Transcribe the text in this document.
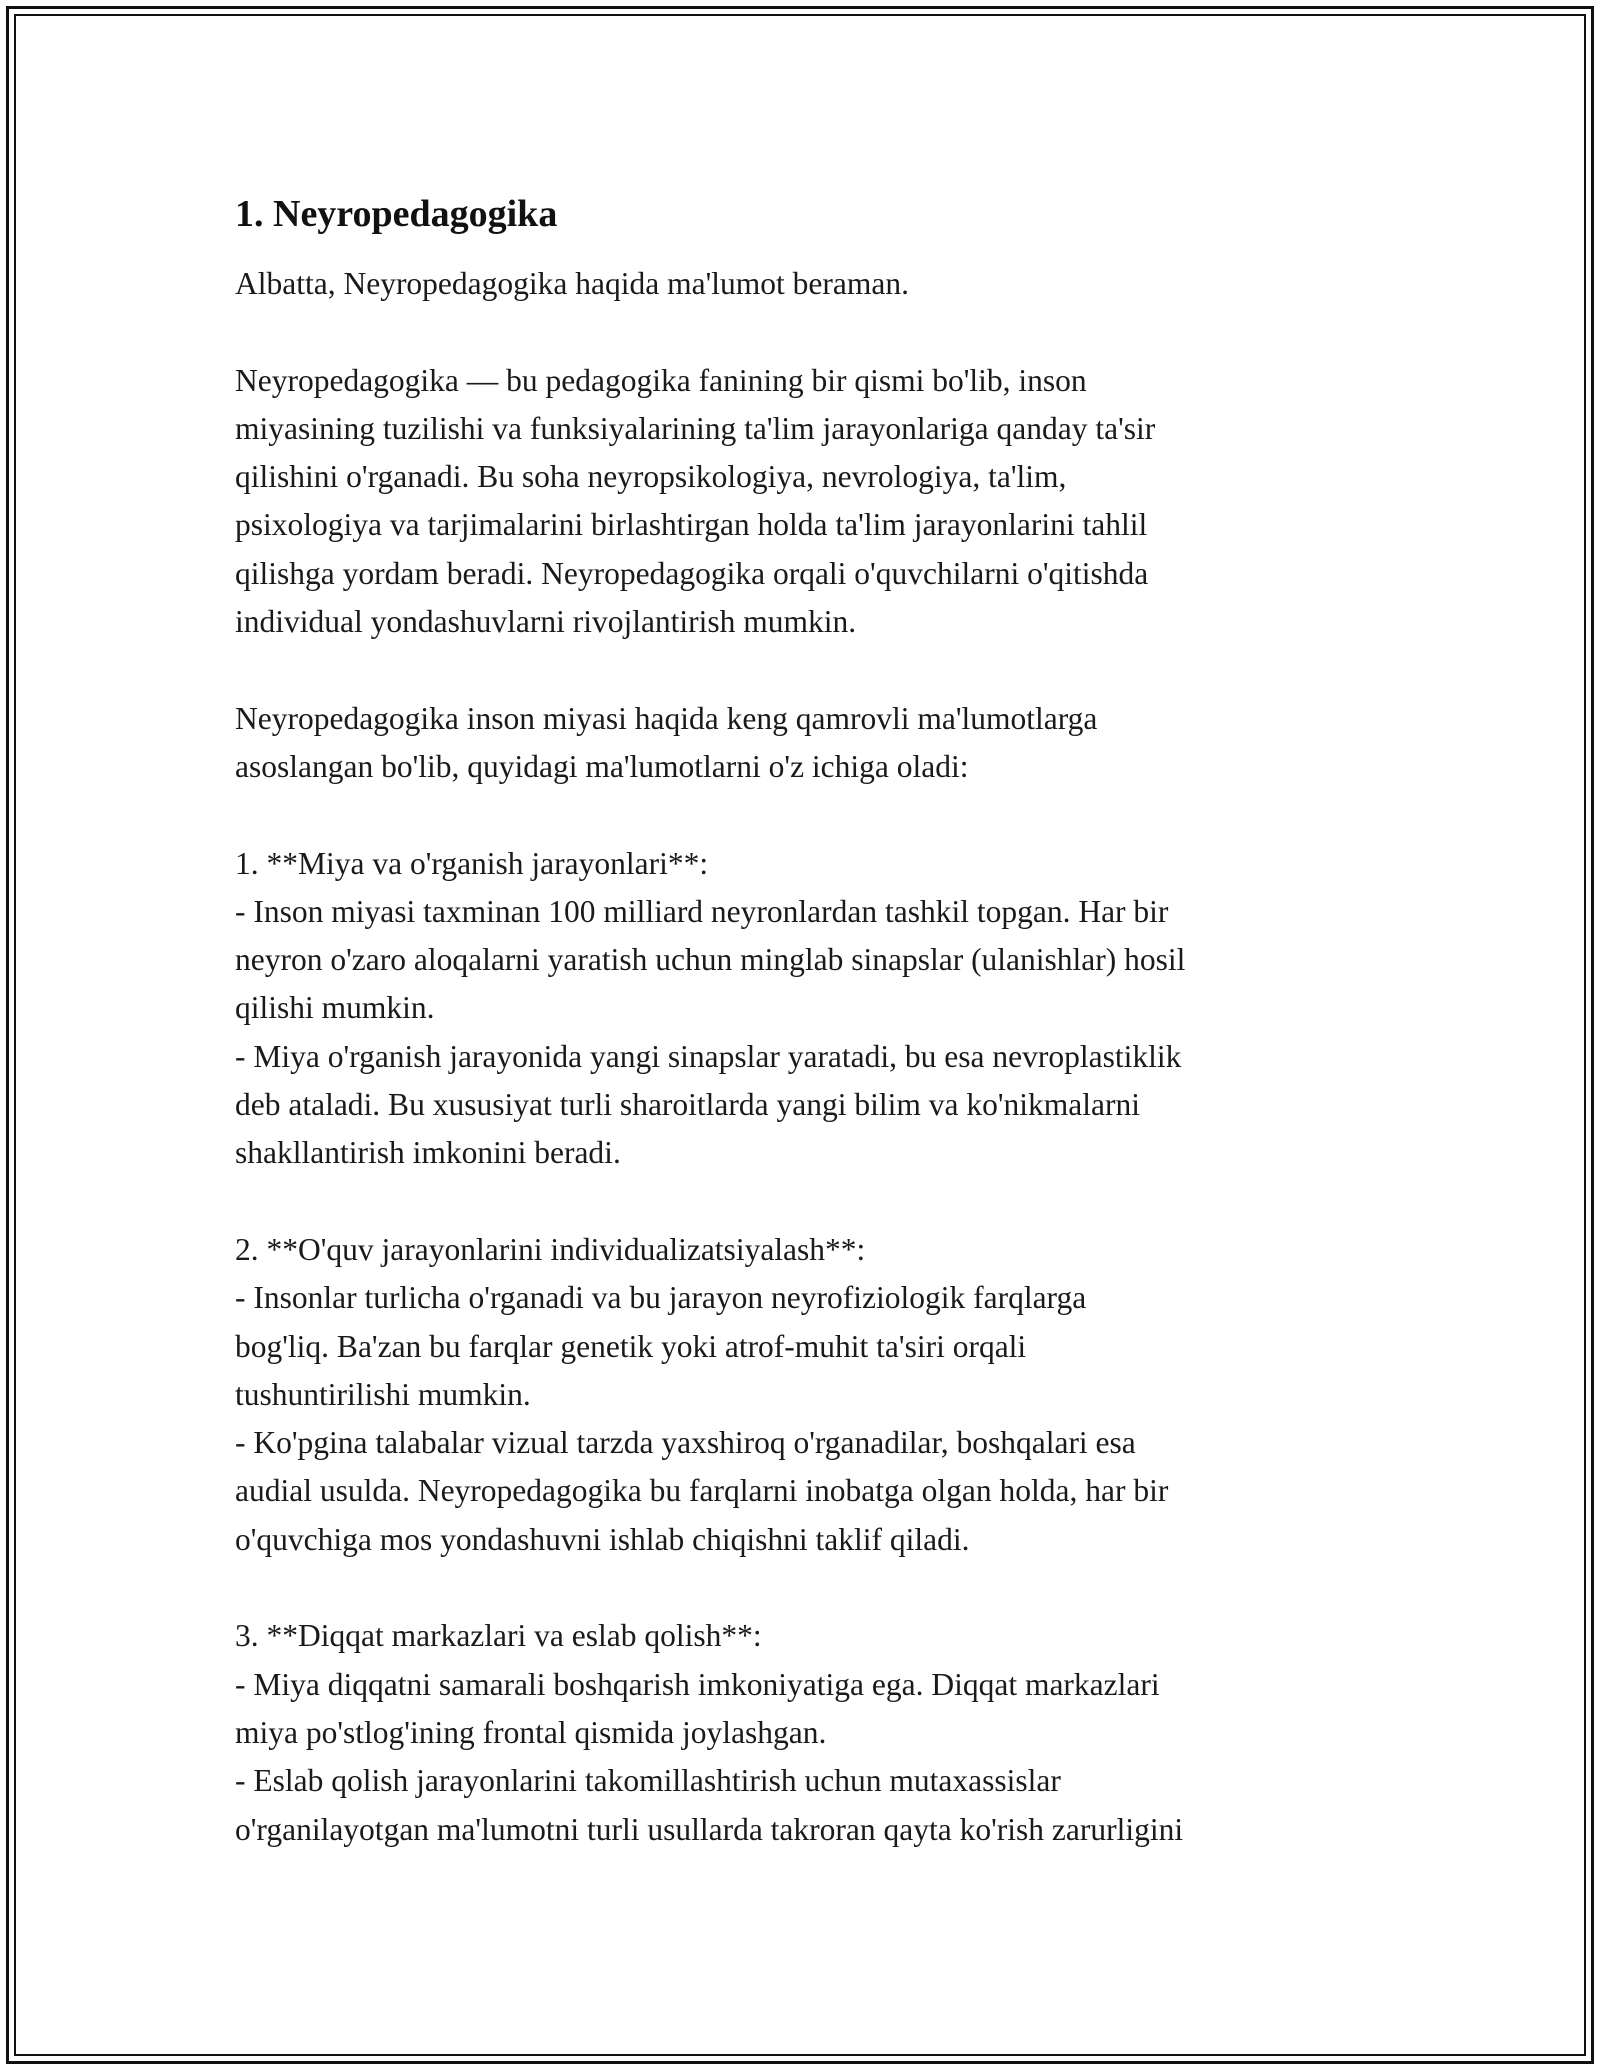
1. Neyropedagogika

Albatta, Neyropedagogika haqida ma'lumot beraman.

Neyropedagogika — bu pedagogika fanining bir qismi bo'lib, inson
miyasining tuzilishi va funksiyalarining ta'lim jarayonlariga qanday ta'sir
qilishini o'rganadi. Bu soha neyropsikologiya, nevrologiya, ta'lim,
psixologiya va tarjimalarini birlashtirgan holda ta'lim jarayonlarini tahlil
qilishga yordam beradi. Neyropedagogika orqali o'quvchilarni o'qitishda
individual yondashuvlarni rivojlantirish mumkin.

Neyropedagogika inson miyasi haqida keng qamrovli ma'lumotlarga
asoslangan bo'lib, quyidagi ma'lumotlarni o'z ichiga oladi:

1. **Miya va o'rganish jarayonlari**:
- Inson miyasi taxminan 100 milliard neyronlardan tashkil topgan. Har bir
neyron o'zaro aloqalarni yaratish uchun minglab sinapslar (ulanishlar) hosil
qilishi mumkin.
- Miya o'rganish jarayonida yangi sinapslar yaratadi, bu esa nevroplastiklik
deb ataladi. Bu xususiyat turli sharoitlarda yangi bilim va ko'nikmalarni
shakllantirish imkonini beradi.

2. **O'quv jarayonlarini individualizatsiyalash**:
- Insonlar turlicha o'rganadi va bu jarayon neyrofiziologik farqlarga
bog'liq. Ba'zan bu farqlar genetik yoki atrof-muhit ta'siri orqali
tushuntirilishi mumkin.
- Ko'pgina talabalar vizual tarzda yaxshiroq o'rganadilar, boshqalari esa
audial usulda. Neyropedagogika bu farqlarni inobatga olgan holda, har bir
o'quvchiga mos yondashuvni ishlab chiqishni taklif qiladi.

3. **Diqqat markazlari va eslab qolish**:
- Miya diqqatni samarali boshqarish imkoniyatiga ega. Diqqat markazlari
miya po'stlog'ining frontal qismida joylashgan.
- Eslab qolish jarayonlarini takomillashtirish uchun mutaxassislar
o'rganilayotgan ma'lumotni turli usullarda takroran qayta ko'rish zarurligini
